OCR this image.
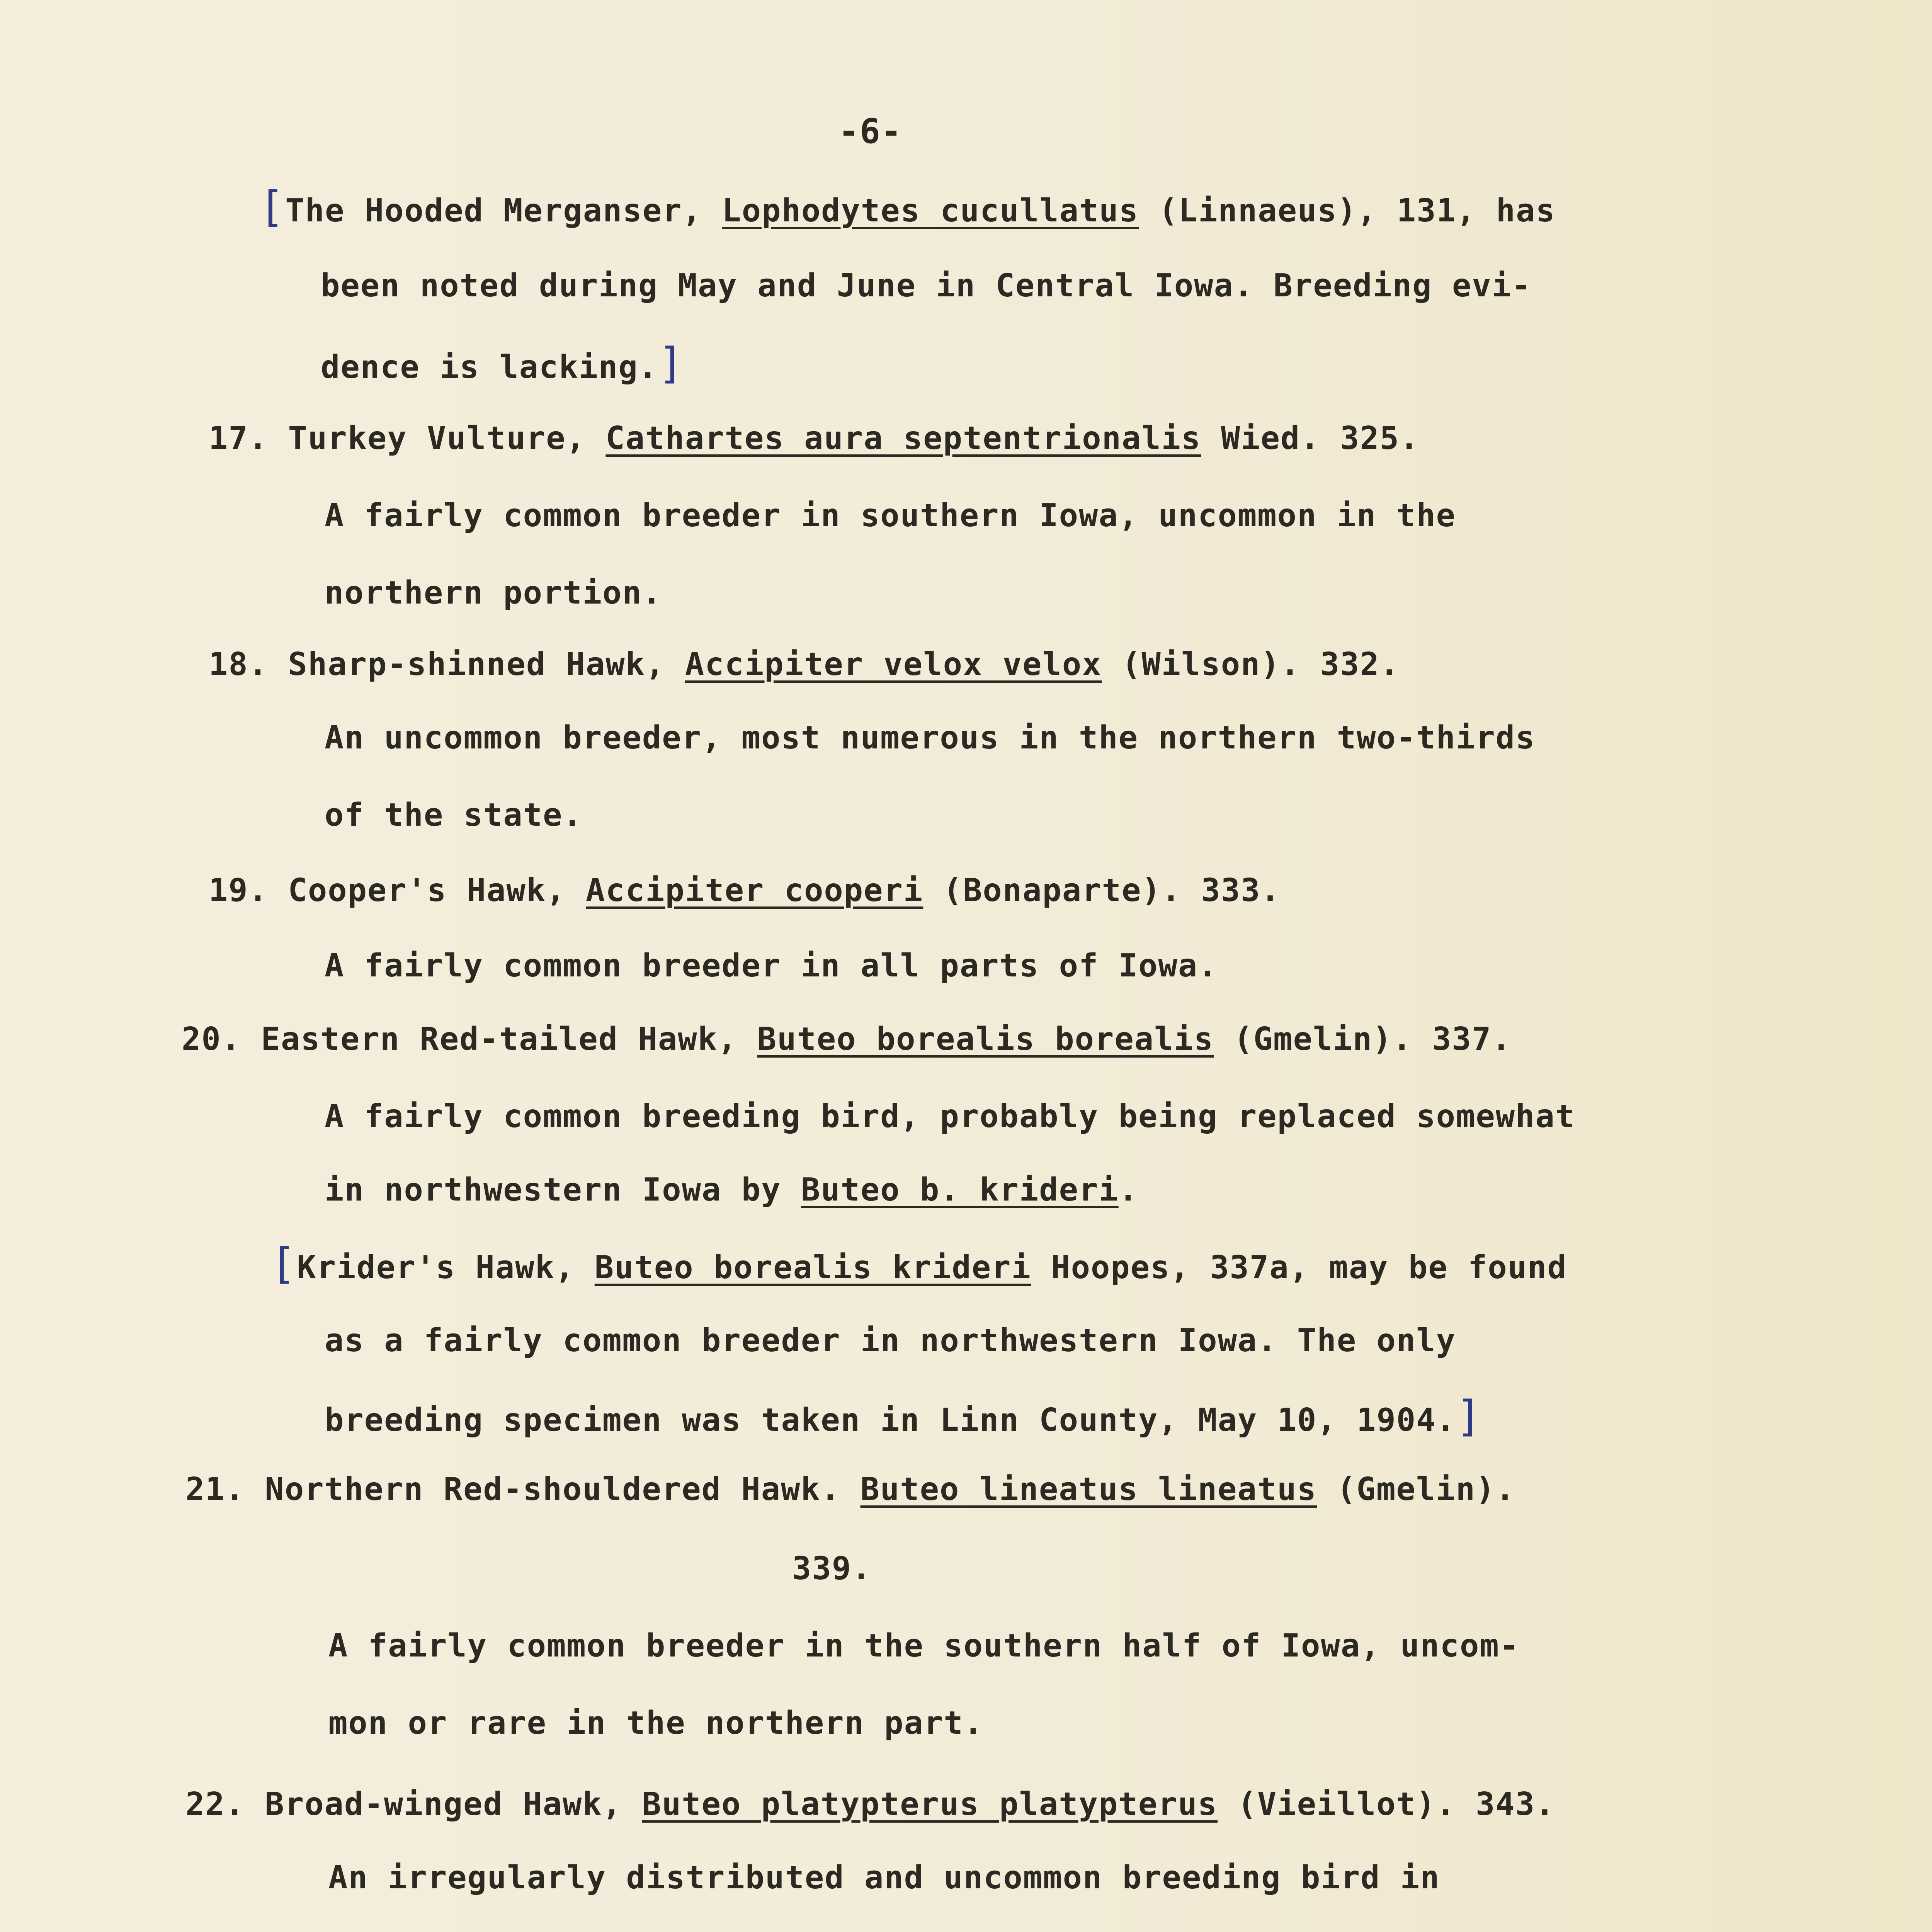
-6-
[The Hooded Merganser, Lophodytes cucullatus (Linnaeus), 131, has
been noted during May and June in Central Iowa. Breeding evi-
dence is lacking.]
17. Turkey Vulture, Cathartes aura septentrionalis Wied. 325.
A fairly common breeder in southern Iowa, uncommon in the
northern portion.
18. Sharp-shinned Hawk, Accipiter velox velox (Wilson). 332.
An uncommon breeder, most numerous in the northern two-thirds
of the state.
19. Cooper's Hawk, Accipiter cooperi (Bonaparte). 333.
A fairly common breeder in all parts of Iowa.
20. Eastern Red-tailed Hawk, Buteo borealis borealis (Gmelin). 337.
A fairly common breeding bird, probably being replaced somewhat
in northwestern Iowa by Buteo b. krideri.
[Krider's Hawk, Buteo borealis krideri Hoopes, 337a, may be found
as a fairly common breeder in northwestern Iowa. The only
breeding specimen was taken in Linn County, May 10, 1904.]
21. Northern Red-shouldered Hawk. Buteo lineatus lineatus (Gmelin).
339.
A fairly common breeder in the southern half of Iowa, uncom-
mon or rare in the northern part.
22. Broad-winged Hawk, Buteo platypterus platypterus (Vieillot). 343.
An irregularly distributed and uncommon breeding bird in
